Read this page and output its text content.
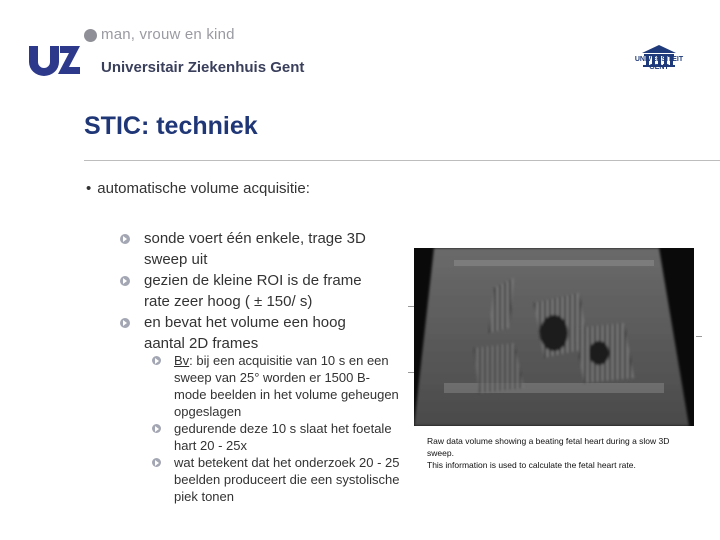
man, vrouw en kind
Universitair Ziekenhuis Gent	UNIVERSITEIT GENT
STIC: techniek
• automatische volume acquisitie:
sonde voert één enkele, trage 3D sweep uit
gezien de kleine ROI is de frame rate zeer hoog ( ± 150/ s)
en bevat het volume een hoog aantal 2D frames
Bv: bij een acquisitie van 10 s en een sweep van 25° worden er 1500 B-mode beelden in het volume geheugen opgeslagen
gedurende deze 10 s slaat het foetale hart 20 - 25x
wat betekent dat het onderzoek 20 - 25 beelden produceert die een systolische piek tonen
Raw data volume showing a beating fetal heart during a slow 3D sweep.
This information is used to calculate the fetal heart rate.
